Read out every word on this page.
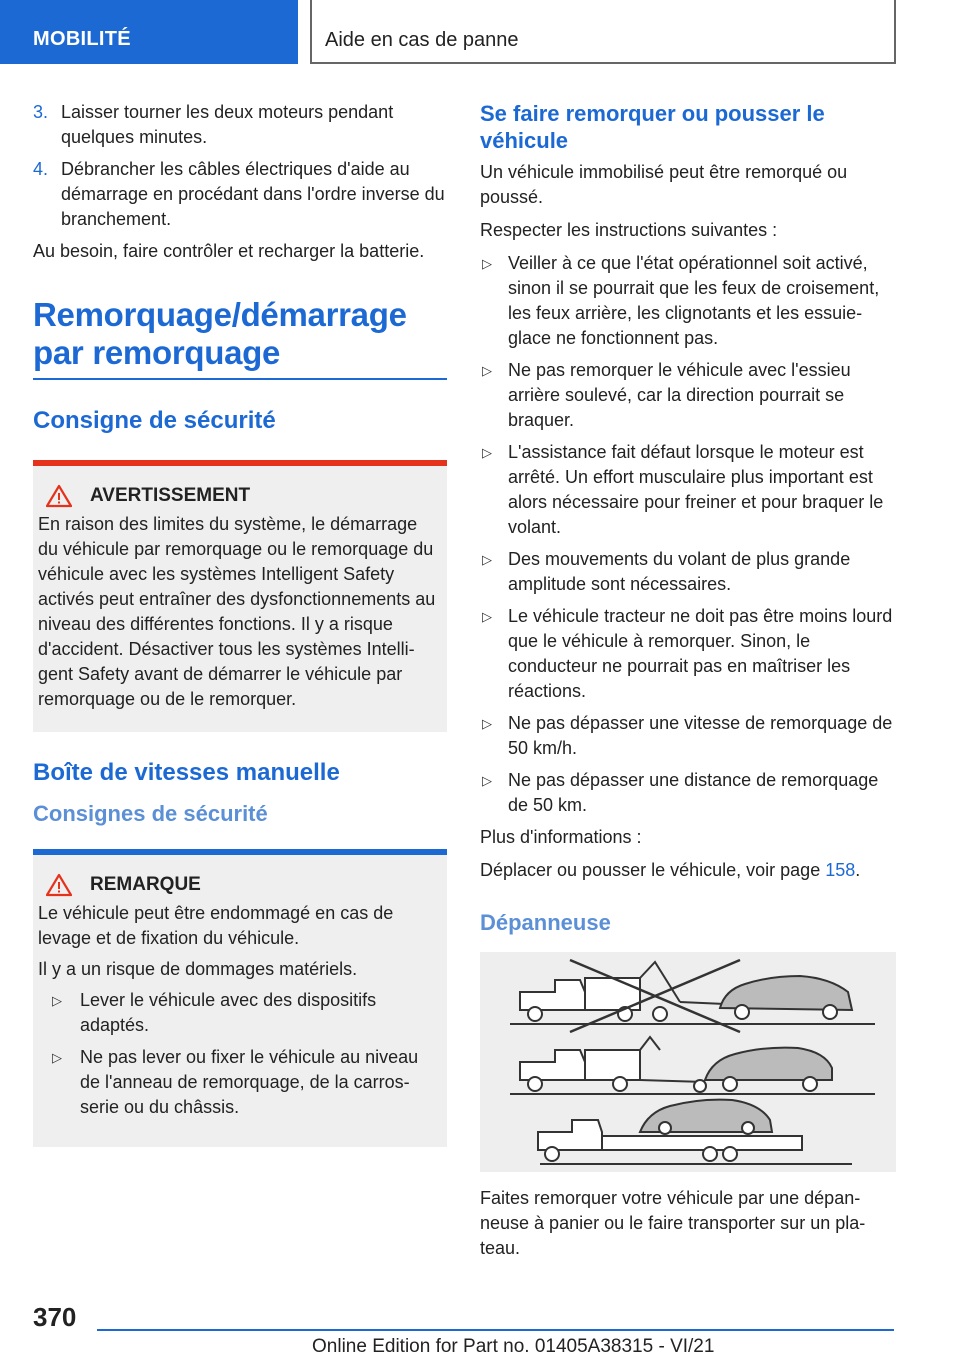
MOBILITÉ	Aide en cas de panne
3. Laisser tourner les deux moteurs pendant quelques minutes.
4. Débrancher les câbles électriques d'aide au démarrage en procédant dans l'ordre inverse du branchement.
Au besoin, faire contrôler et recharger la batterie.
Remorquage/démarrage par remorquage
Consigne de sécurité
AVERTISSEMENT
En raison des limites du système, le démarrage du véhicule par remorquage ou le remorquage du véhicule avec les systèmes Intelligent Safety activés peut entraîner des dysfonctionnements au niveau des différentes fonctions. Il y a risque d'accident. Désactiver tous les systèmes Intelligent Safety avant de démarrer le véhicule par remorquage ou de le remorquer.
Boîte de vitesses manuelle
Consignes de sécurité
REMARQUE
Le véhicule peut être endommagé en cas de levage et de fixation du véhicule.
Il y a un risque de dommages matériels.
▷ Lever le véhicule avec des dispositifs adaptés.
▷ Ne pas lever ou fixer le véhicule au niveau de l'anneau de remorquage, de la carrosserie ou du châssis.
Se faire remorquer ou pousser le véhicule
Un véhicule immobilisé peut être remorqué ou poussé.
Respecter les instructions suivantes :
▷ Veiller à ce que l'état opérationnel soit activé, sinon il se pourrait que les feux de croisement, les feux arrière, les clignotants et les essuie-glace ne fonctionnent pas.
▷ Ne pas remorquer le véhicule avec l'essieu arrière soulevé, car la direction pourrait se braquer.
▷ L'assistance fait défaut lorsque le moteur est arrêté. Un effort musculaire plus important est alors nécessaire pour freiner et pour braquer le volant.
▷ Des mouvements du volant de plus grande amplitude sont nécessaires.
▷ Le véhicule tracteur ne doit pas être moins lourd que le véhicule à remorquer. Sinon, le conducteur ne pourrait pas en maîtriser les réactions.
▷ Ne pas dépasser une vitesse de remorquage de 50 km/h.
▷ Ne pas dépasser une distance de remorquage de 50 km.
Plus d'informations :
Déplacer ou pousser le véhicule, voir page 158.
Dépanneuse
Faites remorquer votre véhicule par une dépanneuse à panier ou le faire transporter sur un plateau.
370
Online Edition for Part no. 01405A38315 - VI/21
